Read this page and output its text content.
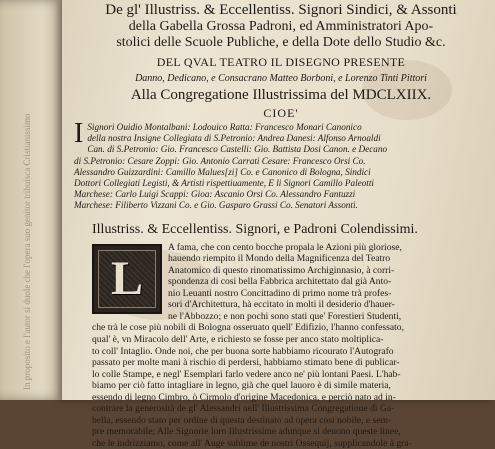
In proposito e l'autor si duole che l'opera suo genitor tribuisca Cristianissimo
De gl' Illustriss. & Eccellentiss. Signori Sindici, & Assonti
della Gabella Grossa Padroni, ed Amministratori Apo-
stolici delle Scuole Publiche, e della Dote dello Studio &c.
DEL QVAL TEATRO IL DISEGNO PRESENTE
Danno, Dedicano, e Consacrano Matteo Borboni, e Lorenzo Tinti Pittori
Alla Congregatione Illustrissima del MDCLXIIX.
CIOE'
I Signori Ouidio Montalbani: Lodouico Ratta: Francesco Monari Canonico

della nostra Insigne Collegiata di S.Petronio: Andrea Danesi: Alfonso Arnoaldi

Can. di S.Petronio: Gio. Francesco Castelli: Gio. Battista Dosi Canon. e Decano

di S.Petronio: Cesare Zoppi: Gio. Antonio Carrati Cesare: Francesco Orsi Co.

Alessandro Guizzardini: Camillo Malues[zi] Co. e Canonico di Bologna, Sindici

Dottori Collegiati Legisti, & Artisti rispettiuamente, E li Signori Camillo Paleotti

Marchese: Carlo Luigi Scappi: Gioa: Ascanio Orsi Co. Alessandro Fantuzzi

Marchese: Filiberto Vizzani Co. e Gio. Gasparo Grassi Co. Senatori Assonti.

Illustriss. & Eccellentiss. Signori, e Padroni Colendissimi.
L

A fama, che con cento bocche propala le Azioni più gloriose,

hauendo riempito il Mondo della Magnificenza del Teatro

Anatomico di questo rinomatissimo Archiginnasio, à corri-

spondenza di cosi bella Fabbrica architettato dal già Anto-

nio Leuanti nostro Concittadino di primo nome trà profes-

sori d'Architettura, hà eccitato in molti il desiderio d'hauer-

ne l'Abbozzo; e non pochi sono stati que' Forestieri Studenti,

che trà le cose più nobili di Bologna osseruato quell' Edifizio, l'hanno confessato,

qual' è, vn Miracolo dell' Arte, e richiesto se fosse per anco stato moltiplica-

to coll' Intaglio. Onde noi, che per buona sorte habbiamo ricourato l'Autografo

passato per molte mani à rischio di perdersi, habbiamo stimato bene di publicar-

lo colle Stampe, e negl' Esemplari farlo vedere anco ne' più lontani Paesi. L'hab-

biamo per ciò fatto intagliare in legno, già che quel lauoro è di simile materia,

essendo di legno Cimbro, ò Cirmolo d'origine Macedonica, e perciò nato ad in-

contrare la generosità de gl' Alessandri nell' Illustrissima Congregatione di Ga-

bella, essendo stato per ordine di questa destinato ad opera cosi nobile, e sem-

pre memorabile; Alle Signorie loro Illustrissime adunque si deuono queste linee,

che le indrizziamo, come all' Auge sublime de nostri Ossequij, supplicandole à gra-
